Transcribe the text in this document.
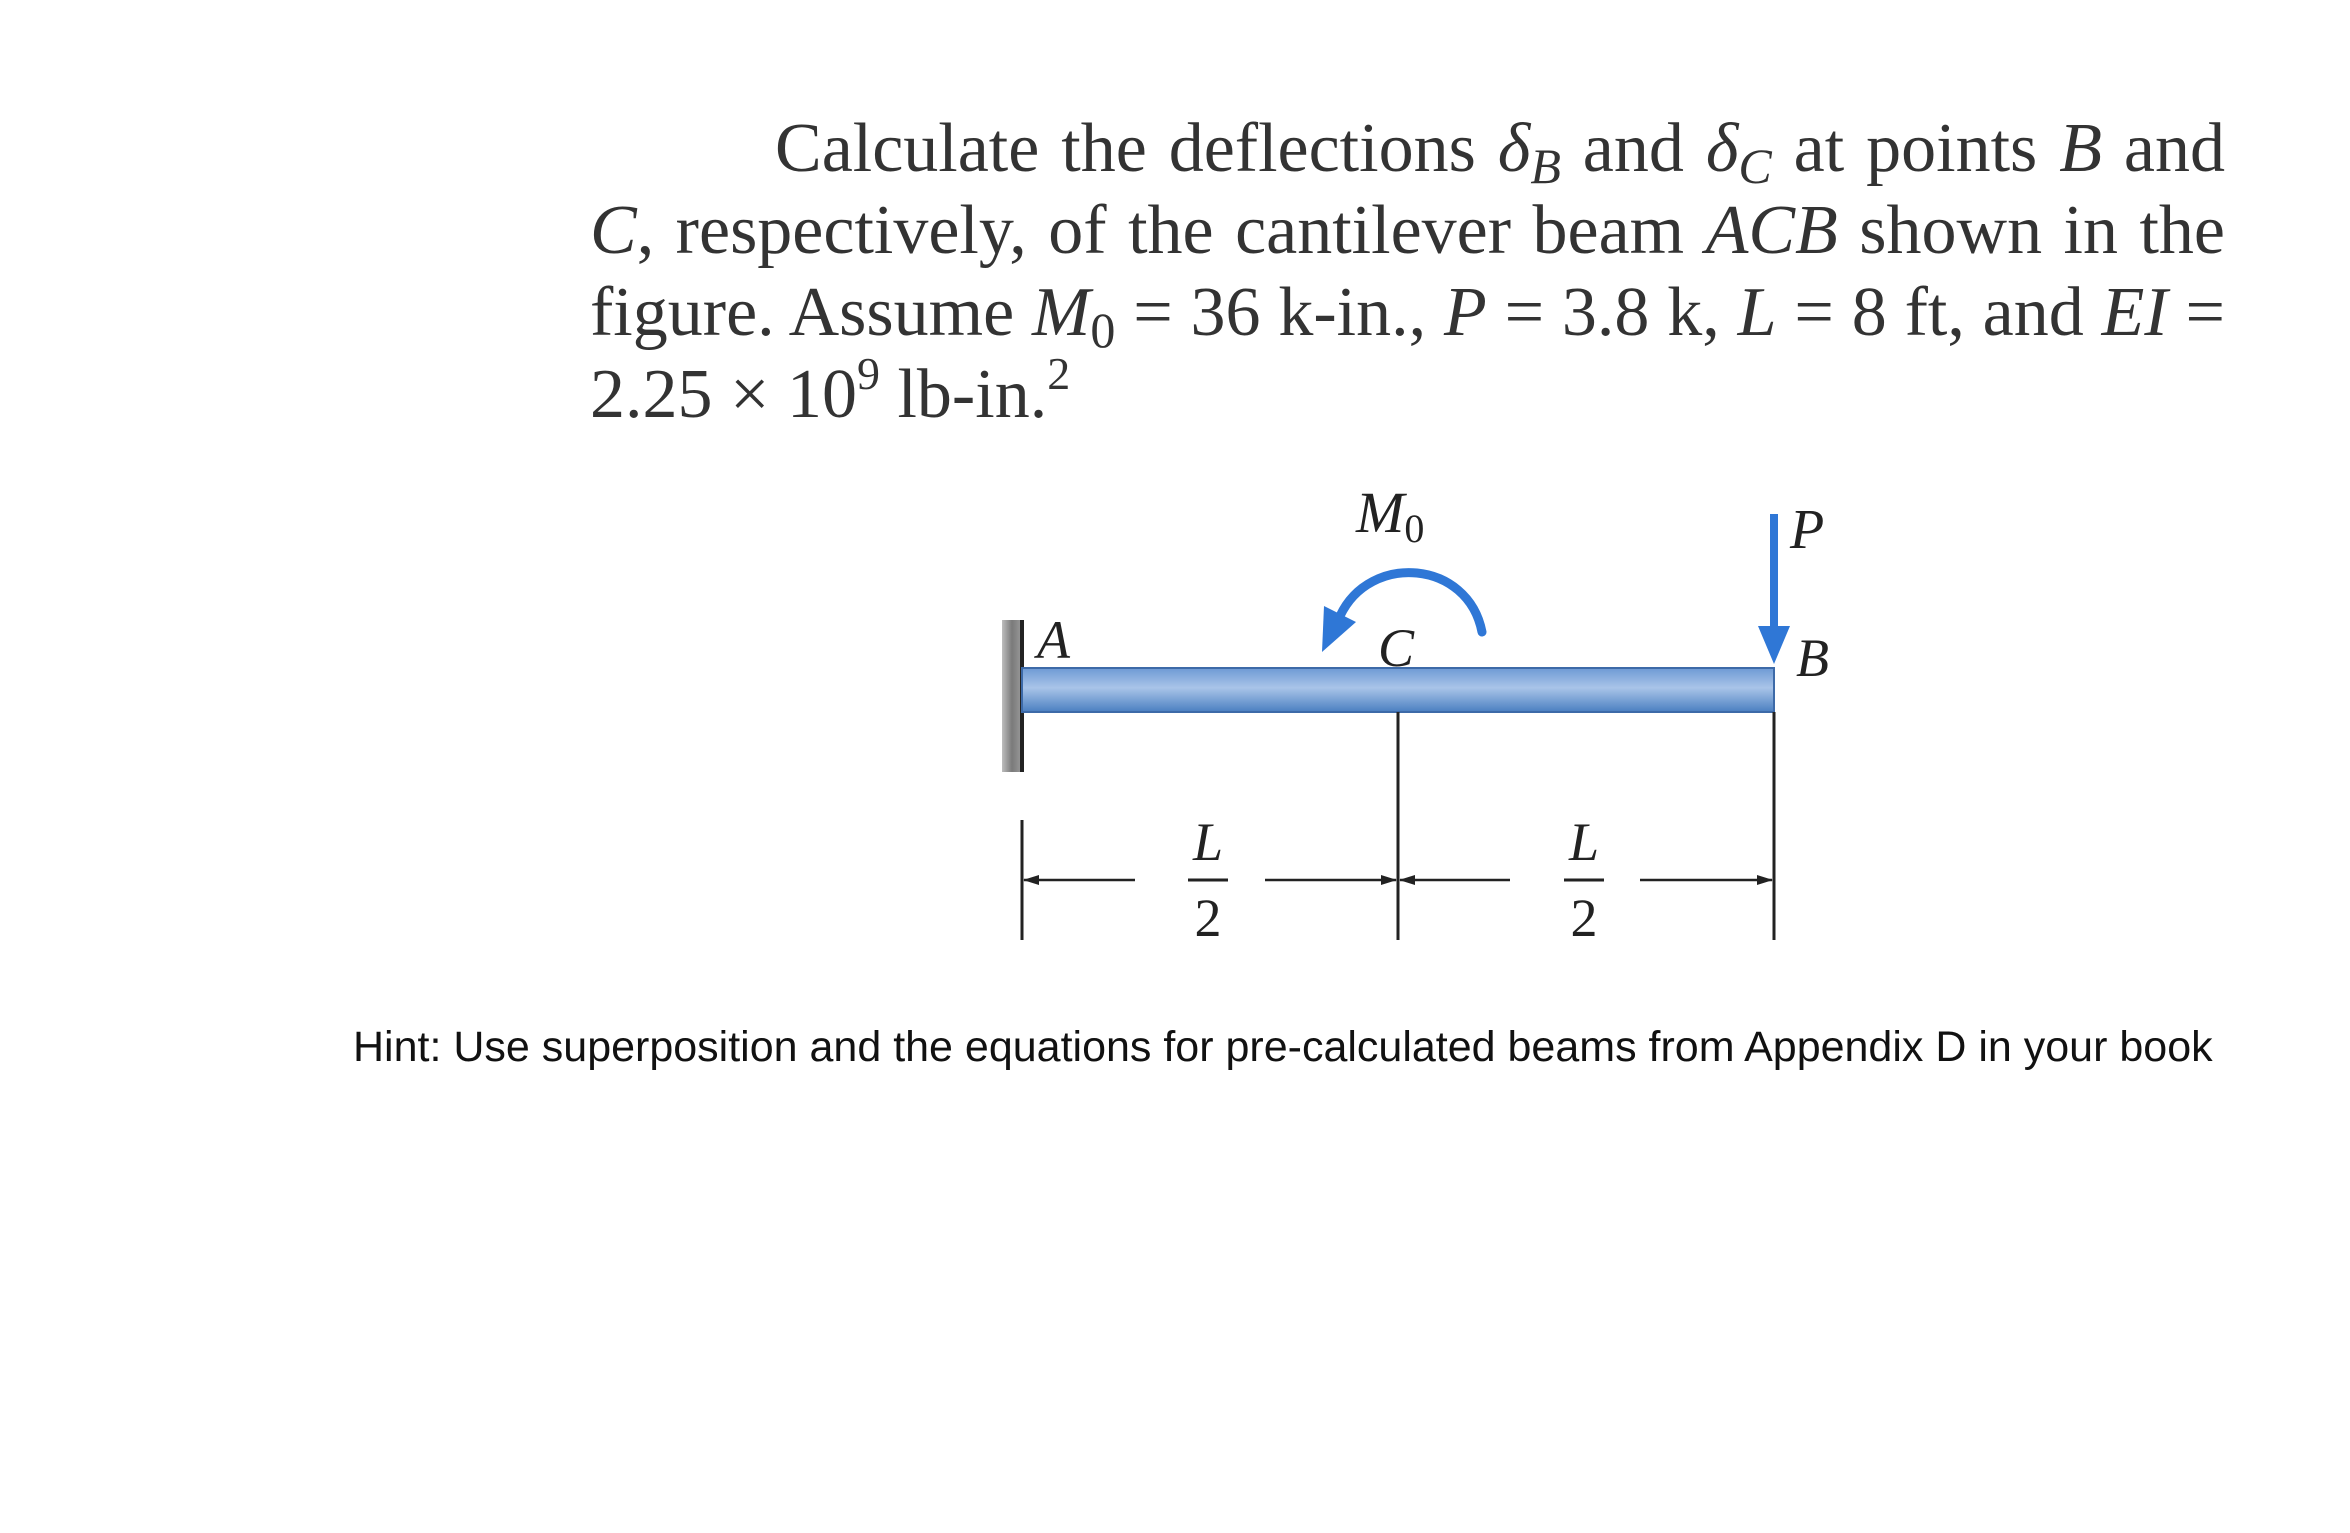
Calculate the deflections $\delta_B$ and $\delta_C$ at points B and C, respectively, of the cantilever beam ACB shown in the figure. Assume $M_0 = 36$ k-in., P = 3.8 k, L = 8 ft, and EI = $2.25 \times 10^9$ lb-in.$^2$

A	C	B
M0	P
L
2
L
2
Hint: Use superposition and the equations for pre-calculated beams from Appendix D in your book
